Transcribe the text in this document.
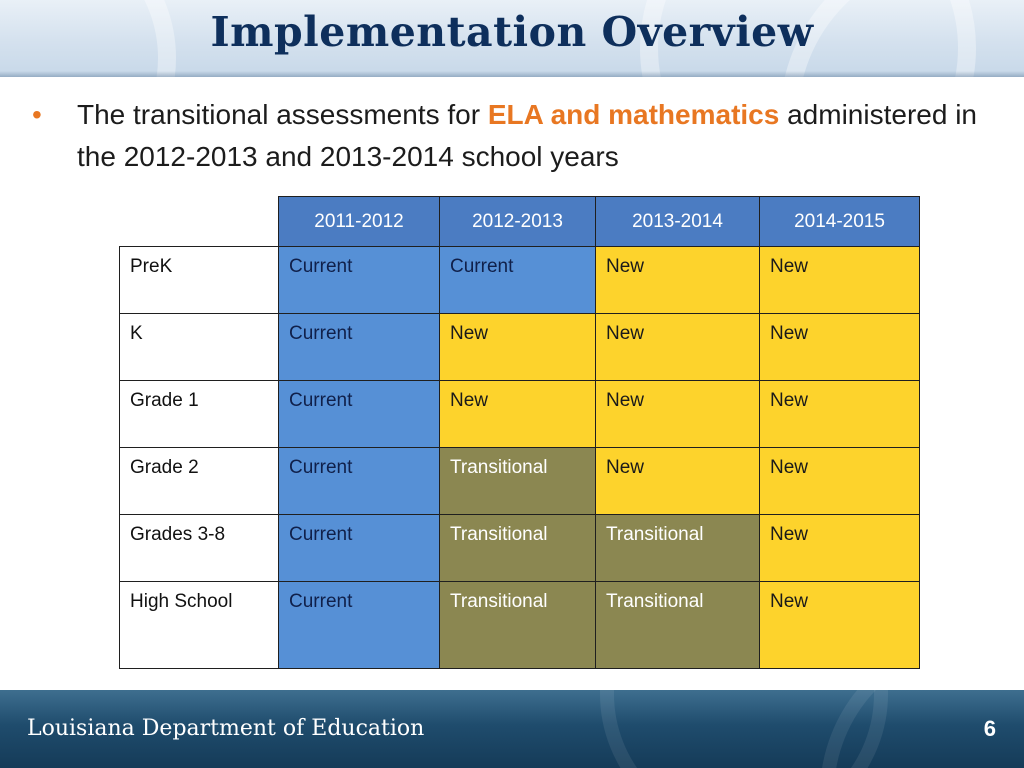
Implementation Overview
• The transitional assessments for ELA and mathematics administered in the 2012-2013 and 2013-2014 school years
	2011-2012	2012-2013	2013-2014	2014-2015

PreK	Current	Current	New	New

K	Current	New	New	New

Grade 1	Current	New	New	New

Grade 2	Current	Transitional	New	New

Grades 3-8	Current	Transitional	Transitional	New

High School	Current	Transitional	Transitional	New
Louisiana Department of Education	6
